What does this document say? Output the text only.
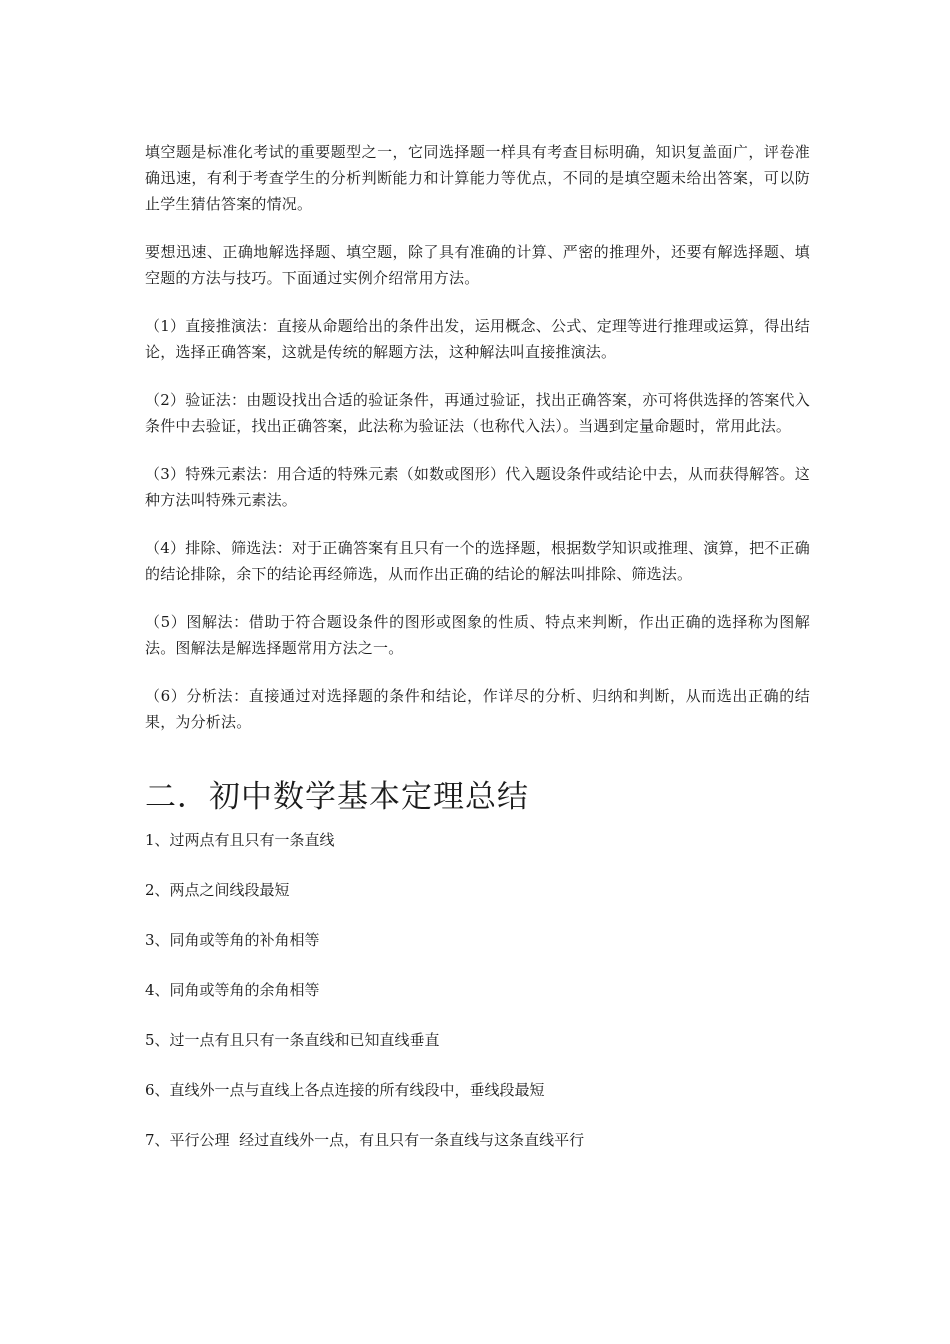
填空题是标准化考试的重要题型之一，它同选择题一样具有考查目标明确，知识复盖面广，评卷准确迅速，有利于考查学生的分析判断能力和计算能力等优点，不同的是填空题未给出答案，可以防止学生猜估答案的情况。

要想迅速、正确地解选择题、填空题，除了具有准确的计算、严密的推理外，还要有解选择题、填空题的方法与技巧。下面通过实例介绍常用方法。

（1）直接推演法：直接从命题给出的条件出发，运用概念、公式、定理等进行推理或运算，得出结论，选择正确答案，这就是传统的解题方法，这种解法叫直接推演法。

（2）验证法：由题设找出合适的验证条件，再通过验证，找出正确答案，亦可将供选择的答案代入条件中去验证，找出正确答案，此法称为验证法（也称代入法）。当遇到定量命题时，常用此法。

（3）特殊元素法：用合适的特殊元素（如数或图形）代入题设条件或结论中去，从而获得解答。这种方法叫特殊元素法。

（4）排除、筛选法：对于正确答案有且只有一个的选择题，根据数学知识或推理、演算，把不正确的结论排除，余下的结论再经筛选，从而作出正确的结论的解法叫排除、筛选法。

（5）图解法：借助于符合题设条件的图形或图象的性质、特点来判断，作出正确的选择称为图解法。图解法是解选择题常用方法之一。

（6）分析法：直接通过对选择题的条件和结论，作详尽的分析、归纳和判断，从而选出正确的结果，为分析法。

二．初中数学基本定理总结
1、过两点有且只有一条直线
2、两点之间线段最短
3、同角或等角的补角相等
4、同角或等角的余角相等
5、过一点有且只有一条直线和已知直线垂直
6、直线外一点与直线上各点连接的所有线段中，垂线段最短
7、平行公理  经过直线外一点，有且只有一条直线与这条直线平行
